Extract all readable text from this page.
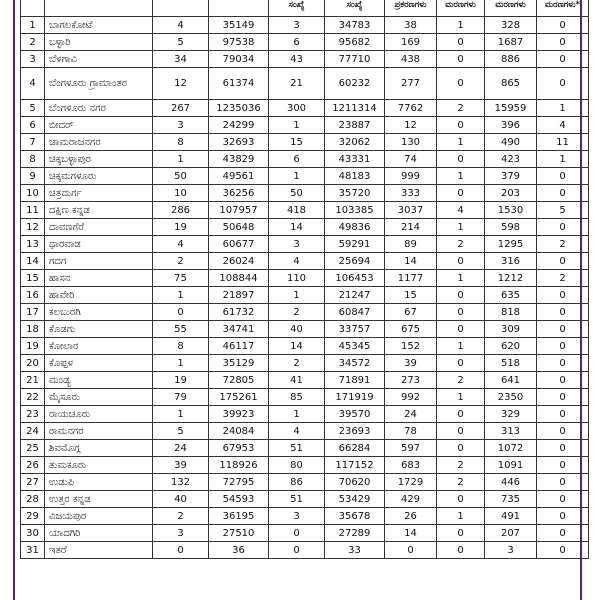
				ಸಂಖ್ಯೆ	ಸಂಖ್ಯೆ	ಪ್ರಕರಣಗಳು	ಮರಣಗಳು	ಮರಣಗಳು	ಮರಣಗಳು*
1	ಬಾಗಲಕೋಟೆ	4	35149	3	34783	38	1	328	0
2	ಬಳ್ಳಾರಿ	5	97538	6	95682	169	0	1687	0
3	ಬೆಳಗಾವಿ	34	79034	43	77710	438	0	886	0
4	ಬೆಂಗಳೂರು ಗ್ರಾಮಾಂತರ	12	61374	21	60232	277	0	865	0
5	ಬೆಂಗಳೂರು ನಗರ	267	1235036	300	1211314	7762	2	15959	1
6	ಬೀದರ್	3	24299	1	23887	12	0	396	4
7	ಚಾಮರಾಜನಗರ	8	32693	15	32062	130	1	490	11
8	ಚಿಕ್ಕಬಳ್ಳಾಪುರ	1	43829	6	43331	74	0	423	1
9	ಚಿಕ್ಕಮಗಳೂರು	50	49561	1	48183	999	1	379	0
10	ಚಿತ್ರದುರ್ಗ	10	36256	50	35720	333	0	203	0
11	ದಕ್ಷಿಣ ಕನ್ನಡ	286	107957	418	103385	3037	4	1530	5
12	ದಾವಣಗೆರೆ	19	50648	14	49836	214	1	598	0
13	ಧಾರವಾಡ	4	60677	3	59291	89	2	1295	2
14	ಗದಗ	2	26024	4	25694	14	0	316	0
15	ಹಾಸನ	75	108844	110	106453	1177	1	1212	2
16	ಹಾವೇರಿ	1	21897	1	21247	15	0	635	0
17	ಕಲಬುರಗಿ	0	61732	2	60847	67	0	818	0
18	ಕೊಡಗು	55	34741	40	33757	675	0	309	0
19	ಕೋಲಾರ	8	46117	14	45345	152	1	620	0
20	ಕೊಪ್ಪಳ	1	35129	2	34572	39	0	518	0
21	ಮಂಡ್ಯ	19	72805	41	71891	273	2	641	0
22	ಮೈಸೂರು	79	175261	85	171919	992	1	2350	0
23	ರಾಯಚೂರು	1	39923	1	39570	24	0	329	0
24	ರಾಮನಗರ	5	24084	4	23693	78	0	313	0
25	ಶಿವಮೊಗ್ಗ	24	67953	51	66284	597	0	1072	0
26	ತುಮಕೂರು	39	118926	80	117152	683	2	1091	0
27	ಉಡುಪಿ	132	72795	86	70620	1729	2	446	0
28	ಉತ್ತರ ಕನ್ನಡ	40	54593	51	53429	429	0	735	0
29	ವಿಜಯಪುರ	2	36195	3	35678	26	1	491	0
30	ಯಾದಗಿರಿ	3	27510	0	27289	14	0	207	0
31	ಇತರೆ	0	36	0	33	0	0	3	0
